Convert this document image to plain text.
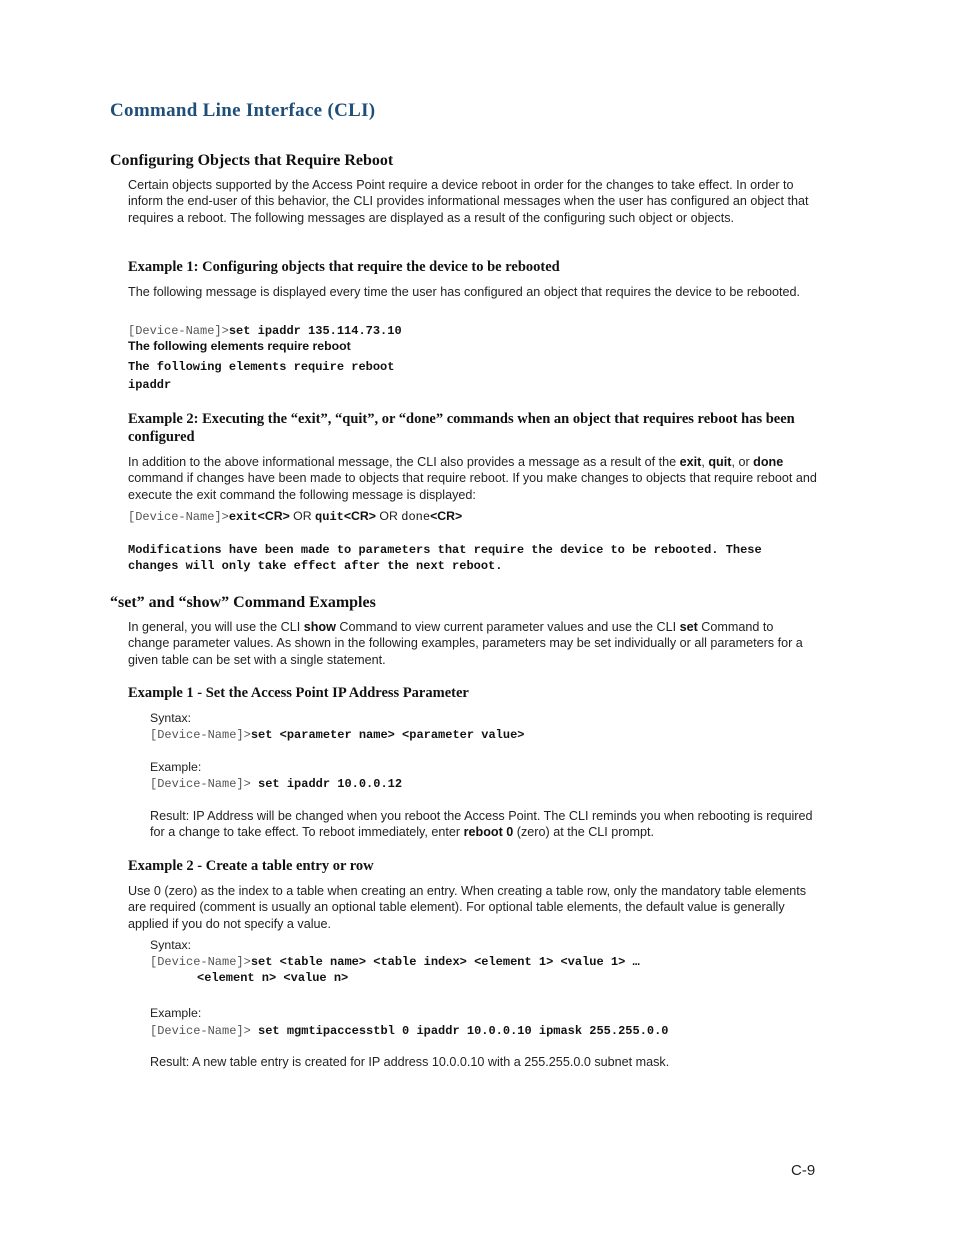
Command Line Interface (CLI)
Configuring Objects that Require Reboot

Certain objects supported by the Access Point require a device reboot in order for the changes to take effect. In order to inform the end-user of this behavior, the CLI provides informational messages when the user has configured an object that requires a reboot. The following messages are displayed as a result of the configuring such object or objects.

Example 1: Configuring objects that require the device to be rebooted

The following message is displayed every time the user has configured an object that requires the device to be rebooted.

[Device-Name]>set ipaddr 135.114.73.10
The following elements require reboot
The following elements require reboot
ipaddr
Example 2: Executing the “exit”, “quit”, or “done” commands when an object that requires reboot has been configured

In addition to the above informational message, the CLI also provides a message as a result of the exit, quit, or done command if changes have been made to objects that require reboot. If you make changes to objects that require reboot and execute the exit command the following message is displayed:

[Device-Name]>exit<CR> OR quit<CR> OR done<CR>
Modifications have been made to parameters that require the device to be rebooted. These
changes will only take effect after the next reboot.
“set” and “show” Command Examples

In general, you will use the CLI show Command to view current parameter values and use the CLI set Command to change parameter values. As shown in the following examples, parameters may be set individually or all parameters for a given table can be set with a single statement.

Example 1 - Set the Access Point IP Address Parameter
Syntax:
[Device-Name]>set <parameter name> <parameter value>
Example:
[Device-Name]> set ipaddr 10.0.0.12

Result: IP Address will be changed when you reboot the Access Point. The CLI reminds you when rebooting is required for a change to take effect. To reboot immediately, enter reboot 0 (zero) at the CLI prompt.

Example 2 - Create a table entry or row

Use 0 (zero) as the index to a table when creating an entry. When creating a table row, only the mandatory table elements are required (comment is usually an optional table element). For optional table elements, the default value is generally applied if you do not specify a value.

Syntax:
[Device-Name]>set <table name> <table index> <element 1> <value 1> …
<element n> <value n>
Example:
[Device-Name]> set mgmtipaccesstbl 0 ipaddr 10.0.0.10 ipmask 255.255.0.0

Result: A new table entry is created for IP address 10.0.0.10 with a 255.255.0.0 subnet mask.

C-9
